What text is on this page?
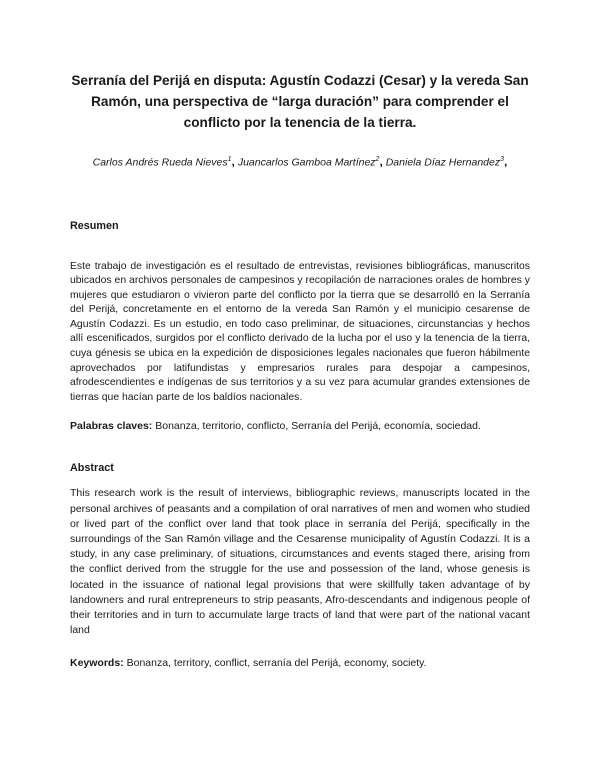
Serranía del Perijá en disputa: Agustín Codazzi (Cesar) y la vereda San Ramón, una perspectiva de “larga duración” para comprender el conflicto por la tenencia de la tierra.
Carlos Andrés Rueda Nieves$^1$, Juancarlos Gamboa Martínez$^2$, Daniela Díaz Hernandez$^3$,

Resumen

Este trabajo de investigación es el resultado de entrevistas, revisiones bibliográficas, manuscritos ubicados en archivos personales de campesinos y recopilación de narraciones orales de hombres y mujeres que estudiaron o vivieron parte del conflicto por la tierra que se desarrolló en la Serranía del Perijá, concretamente en el entorno de la vereda San Ramón y el municipio cesarense de Agustín Codazzi. Es un estudio, en todo caso preliminar, de situaciones, circunstancias y hechos allí escenificados, surgidos por el conflicto derivado de la lucha por el uso y la tenencia de la tierra, cuya génesis se ubica en la expedición de disposiciones legales nacionales que fueron hábilmente aprovechados por latifundistas y empresarios rurales para despojar a campesinos, afrodescendientes e indígenas de sus territorios y a su vez para acumular grandes extensiones de tierras que hacían parte de los baldíos nacionales.

Palabras claves: Bonanza, territorio, conflicto, Serranía del Perijá, economía, sociedad.

Abstract

This research work is the result of interviews, bibliographic reviews, manuscripts located in the personal archives of peasants and a compilation of oral narratives of men and women who studied or lived part of the conflict over land that took place in serranía del Perijá, specifically in the surroundings of the San Ramón village and the Cesarense municipality of Agustín Codazzi. It is a study, in any case preliminary, of situations, circumstances and events staged there, arising from the conflict derived from the struggle for the use and possession of the land, whose genesis is located in the issuance of national legal provisions that were skillfully taken advantage of by landowners and rural entrepreneurs to strip peasants, Afro-descendants and indigenous people of their territories and in turn to accumulate large tracts of land that were part of the national vacant land

Keywords: Bonanza, territory, conflict, serranía del Perijá, economy, society.
